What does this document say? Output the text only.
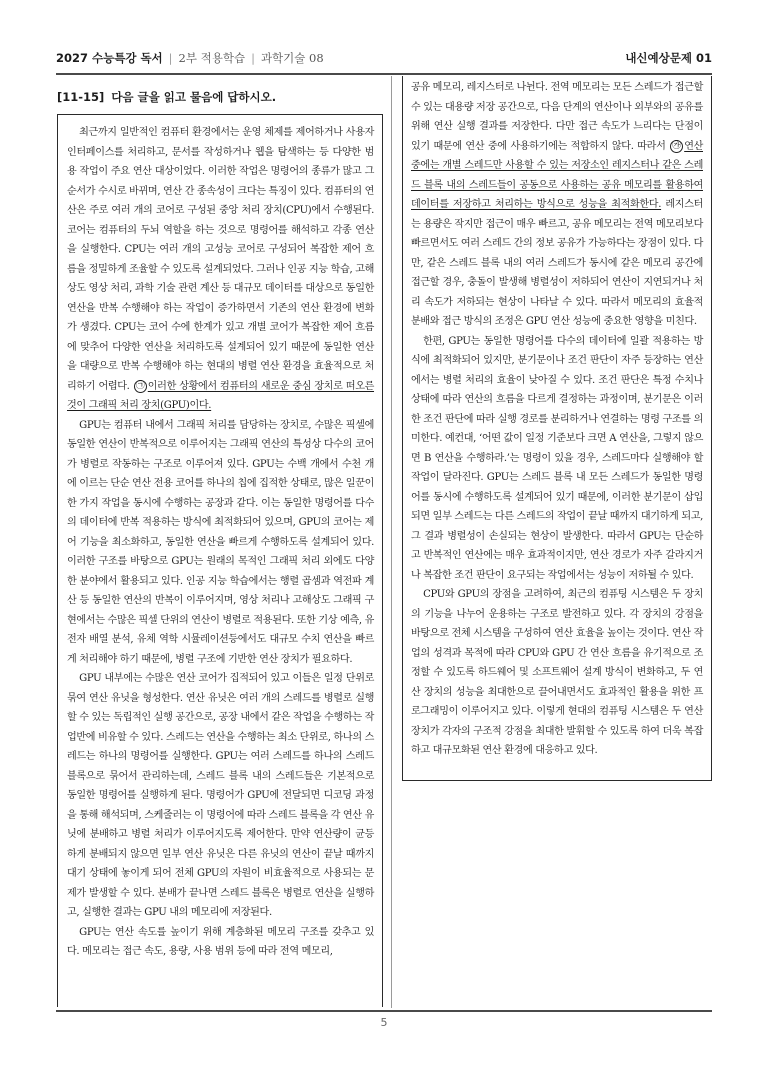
2027 수능특강 독서 | 2부 적용학습 | 과학기술 08	내신예상문제 01
[11-15] 다음 글을 읽고 물음에 답하시오.

최근까지 일반적인 컴퓨터 환경에서는 운영 체제를 제어하거나 사용자 인터페이스를 처리하고, 문서를 작성하거나 웹을 탐색하는 등 다양한 범용 작업이 주요 연산 대상이었다. 이러한 작업은 명령어의 종류가 많고 그 순서가 수시로 바뀌며, 연산 간 종속성이 크다는 특징이 있다. 컴퓨터의 연산은 주로 여러 개의 코어로 구성된 중앙 처리 장치(CPU)에서 수행된다. 코어는 컴퓨터의 두뇌 역할을 하는 것으로 명령어를 해석하고 각종 연산을 실행한다. CPU는 여러 개의 고성능 코어로 구성되어 복잡한 제어 흐름을 정밀하게 조율할 수 있도록 설계되었다. 그러나 인공 지능 학습, 고해상도 영상 처리, 과학 기술 관련 계산 등 대규모 데이터를 대상으로 동일한 연산을 반복 수행해야 하는 작업이 증가하면서 기존의 연산 환경에 변화가 생겼다. CPU는 코어 수에 한계가 있고 개별 코어가 복잡한 제어 흐름에 맞추어 다양한 연산을 처리하도록 설계되어 있기 때문에 동일한 연산을 대량으로 반복 수행해야 하는 현대의 병렬 연산 환경을 효율적으로 처리하기 어렵다. ㉠ 이러한 상황에서 컴퓨터의 새로운 중심 장치로 떠오른 것이 그래픽 처리 장치(GPU)이다.

GPU는 컴퓨터 내에서 그래픽 처리를 담당하는 장치로, 수많은 픽셀에 동일한 연산이 반복적으로 이루어지는 그래픽 연산의 특성상 다수의 코어가 병렬로 작동하는 구조로 이루어져 있다. GPU는 수백 개에서 수천 개에 이르는 단순 연산 전용 코어를 하나의 칩에 집적한 상태로, 많은 일꾼이 한 가지 작업을 동시에 수행하는 공장과 같다. 이는 동일한 명령어를 다수의 데이터에 반복 적용하는 방식에 최적화되어 있으며, GPU의 코어는 제어 기능을 최소화하고, 동일한 연산을 빠르게 수행하도록 설계되어 있다. 이러한 구조를 바탕으로 GPU는 원래의 목적인 그래픽 처리 외에도 다양한 분야에서 활용되고 있다. 인공 지능 학습에서는 행렬 곱셈과 역전파 계산 등 동일한 연산의 반복이 이루어지며, 영상 처리나 고해상도 그래픽 구현에서는 수많은 픽셀 단위의 연산이 병렬로 적용된다. 또한 기상 예측, 유전자 배열 분석, 유체 역학 시뮬레이션등에서도 대규모 수치 연산을 빠르게 처리해야 하기 때문에, 병렬 구조에 기반한 연산 장치가 필요하다.

GPU 내부에는 수많은 연산 코어가 집적되어 있고 이들은 일정 단위로 묶여 연산 유닛을 형성한다. 연산 유닛은 여러 개의 스레드를 병렬로 실행할 수 있는 독립적인 실행 공간으로, 공장 내에서 같은 작업을 수행하는 작업반에 비유할 수 있다. 스레드는 연산을 수행하는 최소 단위로, 하나의 스레드는 하나의 명령어를 실행한다. GPU는 여러 스레드를 하나의 스레드 블록으로 묶어서 관리하는데, 스레드 블록 내의 스레드들은 기본적으로 동일한 명령어를 실행하게 된다. 명령어가 GPU에 전달되면 디코딩 과정을 통해 해석되며, 스케줄러는 이 명령어에 따라 스레드 블록을 각 연산 유닛에 분배하고 병렬 처리가 이루어지도록 제어한다. 만약 연산량이 균등하게 분배되지 않으면 일부 연산 유닛은 다른 유닛의 연산이 끝날 때까지 대기 상태에 놓이게 되어 전체 GPU의 자원이 비효율적으로 사용되는 문제가 발생할 수 있다. 분배가 끝나면 스레드 블록은 병렬로 연산을 실행하고, 실행한 결과는 GPU 내의 메모리에 저장된다.

GPU는 연산 속도를 높이기 위해 계층화된 메모리 구조를 갖추고 있다. 메모리는 접근 속도, 용량, 사용 범위 등에 따라 전역 메모리,

공유 메모리, 레지스터로 나뉜다. 전역 메모리는 모든 스레드가 접근할 수 있는 대용량 저장 공간으로, 다음 단계의 연산이나 외부와의 공유를 위해 연산 실행 결과를 저장한다. 다만 접근 속도가 느리다는 단점이 있기 때문에 연산 중에 사용하기에는 적합하지 않다. 따라서 ㉮ 연산 중에는 개별 스레드만 사용할 수 있는 저장소인 레지스터나 같은 스레드 블록 내의 스레드들이 공동으로 사용하는 공유 메모리를 활용하여 데이터를 저장하고 처리하는 방식으로 성능을 최적화한다. 레지스터는 용량은 작지만 접근이 매우 빠르고, 공유 메모리는 전역 메모리보다 빠르면서도 여러 스레드 간의 정보 공유가 가능하다는 장점이 있다. 다만, 같은 스레드 블록 내의 여러 스레드가 동시에 같은 메모리 공간에 접근할 경우, 충돌이 발생해 병렬성이 저하되어 연산이 지연되거나 처리 속도가 저하되는 현상이 나타날 수 있다. 따라서 메모리의 효율적 분배와 접근 방식의 조정은 GPU 연산 성능에 중요한 영향을 미친다.

한편, GPU는 동일한 명령어를 다수의 데이터에 일괄 적용하는 방식에 최적화되어 있지만, 분기문이나 조건 판단이 자주 등장하는 연산에서는 병렬 처리의 효율이 낮아질 수 있다. 조건 판단은 특정 수치나 상태에 따라 연산의 흐름을 다르게 결정하는 과정이며, 분기문은 이러한 조건 판단에 따라 실행 경로를 분리하거나 연결하는 명령 구조를 의미한다. 예컨대, ‘어떤 값이 일정 기준보다 크면 A 연산을, 그렇지 않으면 B 연산을 수행하라.’는 명령이 있을 경우, 스레드마다 실행해야 할 작업이 달라진다. GPU는 스레드 블록 내 모든 스레드가 동일한 명령어를 동시에 수행하도록 설계되어 있기 때문에, 이러한 분기문이 삽입되면 일부 스레드는 다른 스레드의 작업이 끝날 때까지 대기하게 되고, 그 결과 병렬성이 손실되는 현상이 발생한다. 따라서 GPU는 단순하고 반복적인 연산에는 매우 효과적이지만, 연산 경로가 자주 갈라지거나 복잡한 조건 판단이 요구되는 작업에서는 성능이 저하될 수 있다.

CPU와 GPU의 장점을 고려하여, 최근의 컴퓨팅 시스템은 두 장치의 기능을 나누어 운용하는 구조로 발전하고 있다. 각 장치의 강점을 바탕으로 전체 시스템을 구성하여 연산 효율을 높이는 것이다. 연산 작업의 성격과 목적에 따라 CPU와 GPU 간 연산 흐름을 유기적으로 조정할 수 있도록 하드웨어 및 소프트웨어 설계 방식이 변화하고, 두 연산 장치의 성능을 최대한으로 끌어내면서도 효과적인 활용을 위한 프로그래밍이 이루어지고 있다. 이렇게 현대의 컴퓨팅 시스템은 두 연산 장치가 각자의 구조적 강점을 최대한 발휘할 수 있도록 하여 더욱 복잡하고 대규모화된 연산 환경에 대응하고 있다.

5
